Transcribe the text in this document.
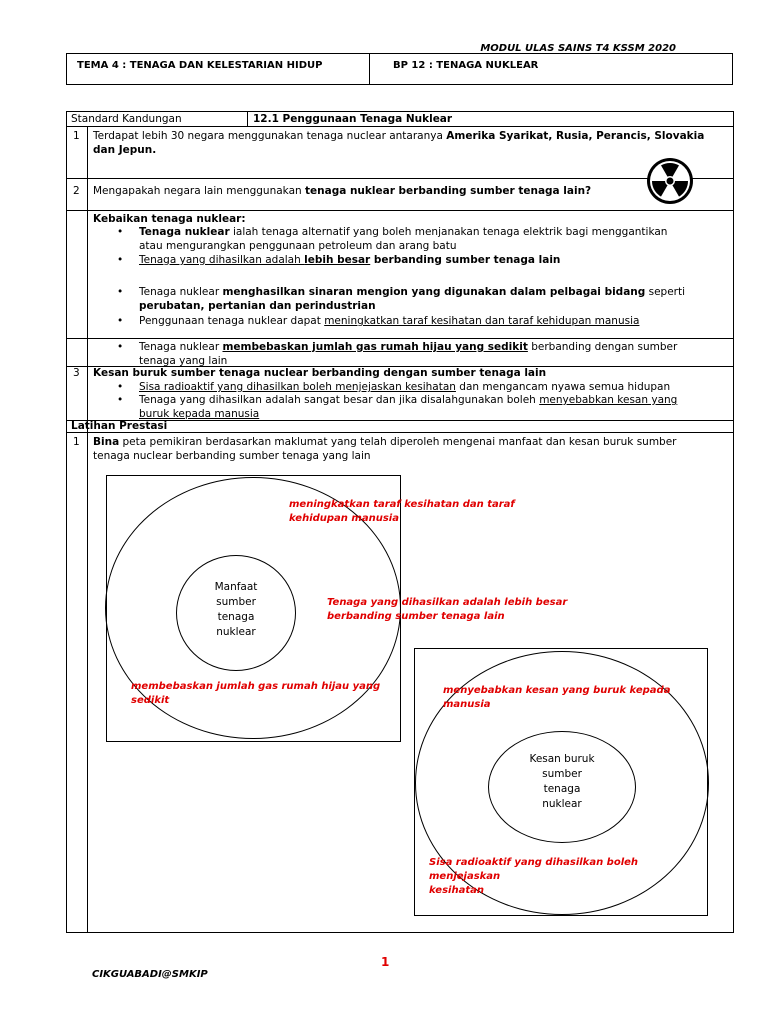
MODUL ULAS SAINS T4 KSSM 2020
TEMA 4 : TENAGA DAN KELESTARIAN HIDUP	BP 12 : TENAGA NUKLEAR
Standard Kandungan	12.1 Penggunaan Tenaga Nuklear
1 Terdapat lebih 30 negara menggunakan tenaga nuclear antaranya Amerika Syarikat, Rusia, Perancis, Slovakia
dan Jepun.
2 Mengapakah negara lain menggunakan tenaga nuklear berbanding sumber tenaga lain?
Kebaikan tenaga nuklear:
• Tenaga nuklear ialah tenaga alternatif yang boleh menjanakan tenaga elektrik bagi menggantikan
atau mengurangkan penggunaan petroleum dan arang batu
• Tenaga yang dihasilkan adalah lebih besar berbanding sumber tenaga lain
• Tenaga nuklear menghasilkan sinaran mengion yang digunakan dalam pelbagai bidang seperti
perubatan, pertanian dan perindustrian
• Penggunaan tenaga nuklear dapat meningkatkan taraf kesihatan dan taraf kehidupan manusia
• Tenaga nuklear membebaskan jumlah gas rumah hijau yang sedikit berbanding dengan sumber
tenaga yang lain
3 Kesan buruk sumber tenaga nuclear berbanding dengan sumber tenaga lain
• Sisa radioaktif yang dihasilkan boleh menjejaskan kesihatan dan mengancam nyawa semua hidupan
• Tenaga yang dihasilkan adalah sangat besar dan jika disalahgunakan boleh menyebabkan kesan yang
buruk kepada manusia
Latihan Prestasi
1 Bina peta pemikiran berdasarkan maklumat yang telah diperoleh mengenai manfaat dan kesan buruk sumber
tenaga nuclear berbanding sumber tenaga yang lain
Manfaat
sumber
tenaga
nuklear
meningkatkan taraf kesihatan dan taraf
kehidupan manusia
Tenaga yang dihasilkan adalah lebih besar
berbanding sumber tenaga lain
membebaskan jumlah gas rumah hijau yang
sedikit
Kesan buruk
sumber
tenaga
nuklear
menyebabkan kesan yang buruk kepada
manusia
Sisa radioaktif yang dihasilkan boleh menjejaskan
kesihatan
1
CIKGUABADI@SMKIP
